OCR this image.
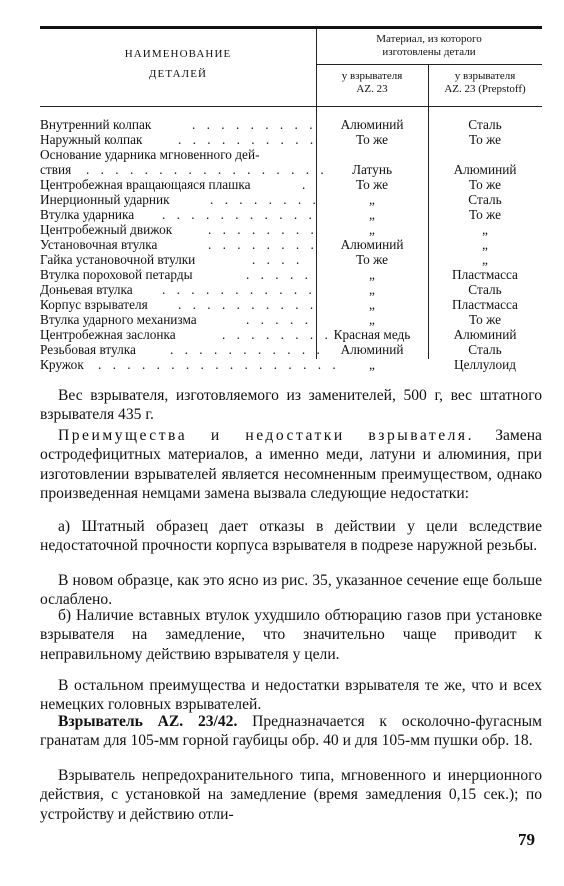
НАИМЕНОВАНИЕ
ДЕТАЛЕЙ
Материал, из которого
изготовлены детали
у взрывателя
AZ. 23
у взрывателя
AZ. 23 (Prepstoff)
Внутренний колпак	. . . . . . . . .	Алюминий	Сталь
Наружный колпак	. . . . . . . . . .	То же	То же
Основание ударника мгновенного дей-
ствия . . . . . . . . . . . . . . . . .	Латунь	Алюминий
Центробежная вращающаяся плашка	.	То же	То же
Инерционный ударник	. . . . . . . .	„	Сталь
Втулка ударника . . . . . . . . . . .	„	То же
Центробежный движок	. . . . . . . .	„	„
Установочная втулка	. . . . . . . .	Алюминий	„
Гайка установочной втулки	. . . .	То же	„
Втулка пороховой петарды	. . . . .	„	Пластмасса
Доньевая втулка . . . . . . . . . . .	„	Сталь
Корпус взрывателя . . . . . . . . . .	„	Пластмасса
Втулка ударного механизма	. . . . .	„	То же
Центробежная заслонка	. . . . . . . . Красная медь	Алюминий
Резьбовая втулка	. . . . . . . . . . .	Алюминий	Сталь
Кружок . . . . . . . . . . . . . . . . .	„	Целлулоид
Вес взрывателя, изготовляемого из заменителей, 500 г, вес штатного взрывателя 435 г.
Преимущества и недостатки взрывателя. Замена остродефицитных материалов, а именно меди, латуни и алюминия, при изготовлении взрывателей является несомненным преимуществом, однако произведенная немцами замена вызвала следующие недостатки:
а) Штатный образец дает отказы в действии у цели вследствие недостаточной прочности корпуса взрывателя в подрезе наружной резьбы.
В новом образце, как это ясно из рис. 35, указанное сечение еще больше ослаблено.
б) Наличие вставных втулок ухудшило обтюрацию газов при установке взрывателя на замедление, что значительно чаще приводит к неправильному действию взрывателя у цели.
В остальном преимущества и недостатки взрывателя те же, что и всех немецких головных взрывателей.
Взрыватель AZ. 23/42. Предназначается к осколочно-фугасным гранатам для 105-мм горной гаубицы обр. 40 и для 105-мм пушки обр. 18.
Взрыватель непредохранительного типа, мгновенного и инерционного действия, с установкой на замедление (время замедления 0,15 сек.); по устройству и действию отли-
79
